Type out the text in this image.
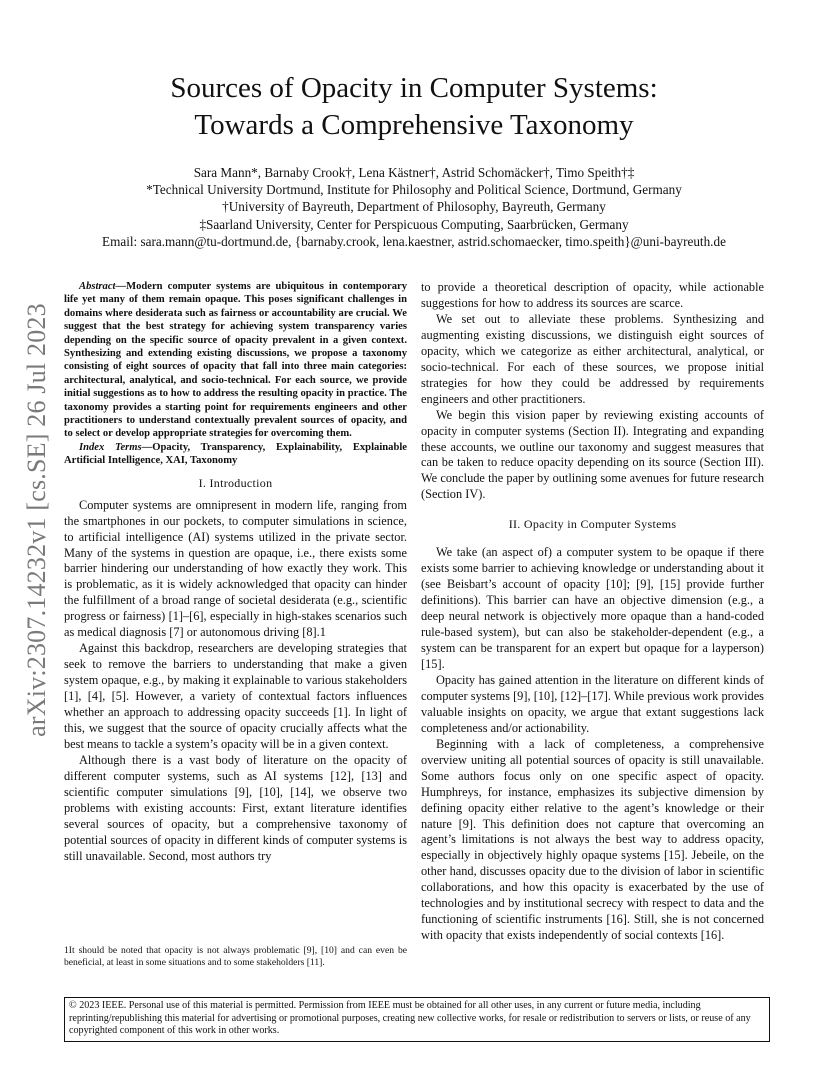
arXiv:2307.14232v1 [cs.SE] 26 Jul 2023
Sources of Opacity in Computer Systems:
Towards a Comprehensive Taxonomy
Sara Mann*, Barnaby Crook†, Lena Kästner†, Astrid Schomäcker†, Timo Speith†‡
*Technical University Dortmund, Institute for Philosophy and Political Science, Dortmund, Germany
†University of Bayreuth, Department of Philosophy, Bayreuth, Germany
‡Saarland University, Center for Perspicuous Computing, Saarbrücken, Germany
Email: sara.mann@tu-dortmund.de, {barnaby.crook, lena.kaestner, astrid.schomaecker, timo.speith}@uni-bayreuth.de

Abstract—Modern computer systems are ubiquitous in contemporary life yet many of them remain opaque. This poses significant challenges in domains where desiderata such as fairness or accountability are crucial. We suggest that the best strategy for achieving system transparency varies depending on the specific source of opacity prevalent in a given context. Synthesizing and extending existing discussions, we propose a taxonomy consisting of eight sources of opacity that fall into three main categories: architectural, analytical, and socio-technical. For each source, we provide initial suggestions as to how to address the resulting opacity in practice. The taxonomy provides a starting point for requirements engineers and other practitioners to understand contextually prevalent sources of opacity, and to select or develop appropriate strategies for overcoming them.

Index Terms—Opacity, Transparency, Explainability, Explainable Artificial Intelligence, XAI, Taxonomy

I. Introduction

Computer systems are omnipresent in modern life, ranging from the smartphones in our pockets, to computer simulations in science, to artificial intelligence (AI) systems utilized in the private sector. Many of the systems in question are opaque, i.e., there exists some barrier hindering our understanding of how exactly they work. This is problematic, as it is widely acknowledged that opacity can hinder the fulfillment of a broad range of societal desiderata (e.g., scientific progress or fairness) [1]–[6], especially in high-stakes scenarios such as medical diagnosis [7] or autonomous driving [8].1

Against this backdrop, researchers are developing strategies that seek to remove the barriers to understanding that make a given system opaque, e.g., by making it explainable to various stakeholders [1], [4], [5]. However, a variety of contextual factors influences whether an approach to addressing opacity succeeds [1]. In light of this, we suggest that the source of opacity crucially affects what the best means to tackle a system’s opacity will be in a given context.

Although there is a vast body of literature on the opacity of different computer systems, such as AI systems [12], [13] and scientific computer simulations [9], [10], [14], we observe two problems with existing accounts: First, extant literature identifies several sources of opacity, but a comprehensive taxonomy of potential sources of opacity in different kinds of computer systems is still unavailable. Second, most authors try

to provide a theoretical description of opacity, while actionable suggestions for how to address its sources are scarce.

We set out to alleviate these problems. Synthesizing and augmenting existing discussions, we distinguish eight sources of opacity, which we categorize as either architectural, analytical, or socio-technical. For each of these sources, we propose initial strategies for how they could be addressed by requirements engineers and other practitioners.

We begin this vision paper by reviewing existing accounts of opacity in computer systems (Section II). Integrating and expanding these accounts, we outline our taxonomy and suggest measures that can be taken to reduce opacity depending on its source (Section III). We conclude the paper by outlining some avenues for future research (Section IV).

II. Opacity in Computer Systems

We take (an aspect of) a computer system to be opaque if there exists some barrier to achieving knowledge or understanding about it (see Beisbart’s account of opacity [10]; [9], [15] provide further definitions). This barrier can have an objective dimension (e.g., a deep neural network is objectively more opaque than a hand-coded rule-based system), but can also be stakeholder-dependent (e.g., a system can be transparent for an expert but opaque for a layperson) [15].

Opacity has gained attention in the literature on different kinds of computer systems [9], [10], [12]–[17]. While previous work provides valuable insights on opacity, we argue that extant suggestions lack completeness and/or actionability.

Beginning with a lack of completeness, a comprehensive overview uniting all potential sources of opacity is still unavailable. Some authors focus only on one specific aspect of opacity. Humphreys, for instance, emphasizes its subjective dimension by defining opacity either relative to the agent’s knowledge or their nature [9]. This definition does not capture that overcoming an agent’s limitations is not always the best way to address opacity, especially in objectively highly opaque systems [15]. Jebeile, on the other hand, discusses opacity due to the division of labor in scientific collaborations, and how this opacity is exacerbated by the use of technologies and by institutional secrecy with respect to data and the functioning of scientific instruments [16]. Still, she is not concerned with opacity that exists independently of social contexts [16].

1It should be noted that opacity is not always problematic [9], [10] and can even be beneficial, at least in some situations and to some stakeholders [11].
© 2023 IEEE. Personal use of this material is permitted. Permission from IEEE must be obtained for all other uses, in any current or future media, including reprinting/republishing this material for advertising or promotional purposes, creating new collective works, for resale or redistribution to servers or lists, or reuse of any copyrighted component of this work in other works.
